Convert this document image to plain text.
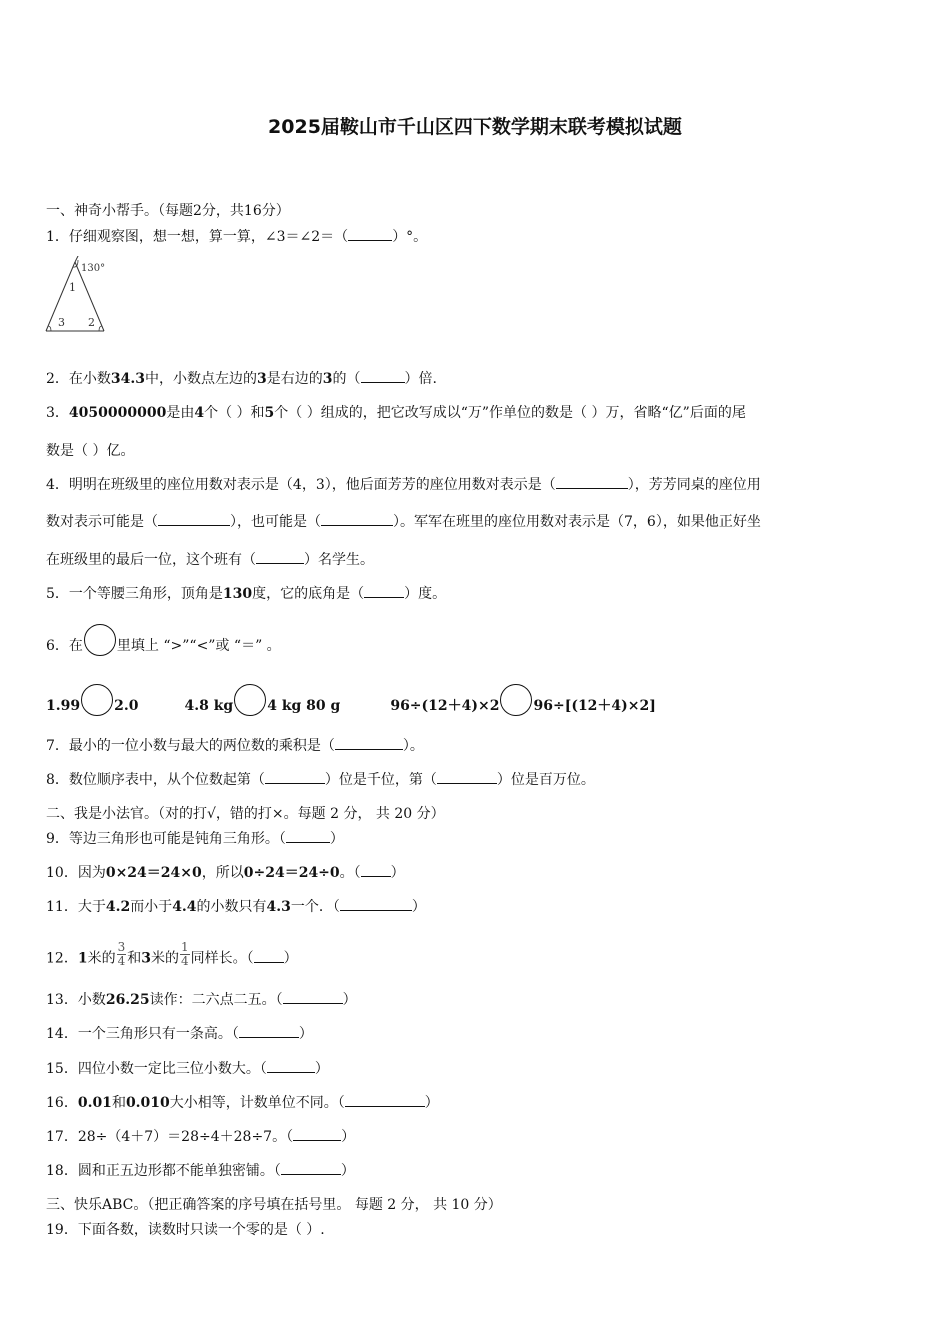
2025届鞍山市千山区四下数学期末联考模拟试题
一、神奇小帮手。（每题2分，共16分）
1．仔细观察图，想一想，算一算，∠3＝∠2＝（	）°。
130°
1
3 2
2．在小数34.3中，小数点左边的3是右边的3的（	）倍.
3．4050000000是由4个（ ）和5个（ ）组成的，把它改写成以“万”作单位的数是（ ）万，省略“亿”后面的尾
数是（ ）亿。
4．明明在班级里的座位用数对表示是（4，3），他后面芳芳的座位用数对表示是（	），芳芳同桌的座位用
数对表示可能是（	），也可能是（	）。军军在班里的座位用数对表示是（7，6），如果他正好坐
在班级里的最后一位，这个班有（	）名学生。
5．一个等腰三角形，顶角是130度，它的底角是（	）度。
6．在 里填上 “>”“<”或 “＝” 。
1.99 2.0	4.8 kg 4 kg 80 g	96÷(12＋4)×2 96÷[(12＋4)×2]
7．最小的一位小数与最大的两位数的乘积是（	）。
8．数位顺序表中，从个位数起第（	）位是千位，第（	）位是百万位。
二、我是小法官。（对的打√，错的打×。每题 2 分， 共 20 分）
9．等边三角形也可能是钝角三角形。（	）
10．因为0×24＝24×0，所以0÷24＝24÷0。（ ）
11．大于4.2而小于4.4的小数只有4.3一个．（	）
12．1米的 $\frac{3}{4}$ 和3米的 $\frac{1}{4}$ 同样长。（ ）
13．小数26.25读作：二六点二五。（	）
14．一个三角形只有一条高。（	）
15．四位小数一定比三位小数大。（	）
16．0.01和0.010大小相等，计数单位不同。（	）
17．28÷（4＋7）＝28÷4＋28÷7。（	）
18．圆和正五边形都不能单独密铺。（	）
三、快乐ABC。（把正确答案的序号填在括号里。 每题 2 分， 共 10 分）
19．下面各数，读数时只读一个零的是（ ）.
